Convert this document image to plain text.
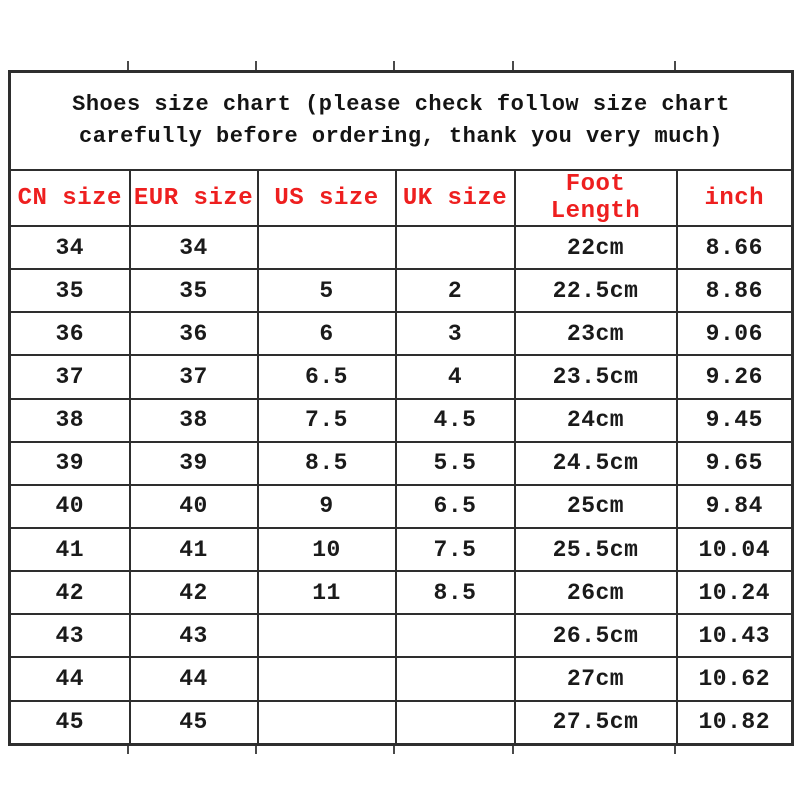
Shoes size chart (please check follow size chart carefully before ordering, thank you very much)					

CN size	EUR size	US size	UK size	Foot Length	inch
34	34			22cm	8.66
35	35	5	2	22.5cm	8.86
36	36	6	3	23cm	9.06
37	37	6.5	4	23.5cm	9.26
38	38	7.5	4.5	24cm	9.45
39	39	8.5	5.5	24.5cm	9.65
40	40	9	6.5	25cm	9.84
41	41	10	7.5	25.5cm	10.04
42	42	11	8.5	26cm	10.24
43	43			26.5cm	10.43
44	44			27cm	10.62
45	45			27.5cm	10.82
